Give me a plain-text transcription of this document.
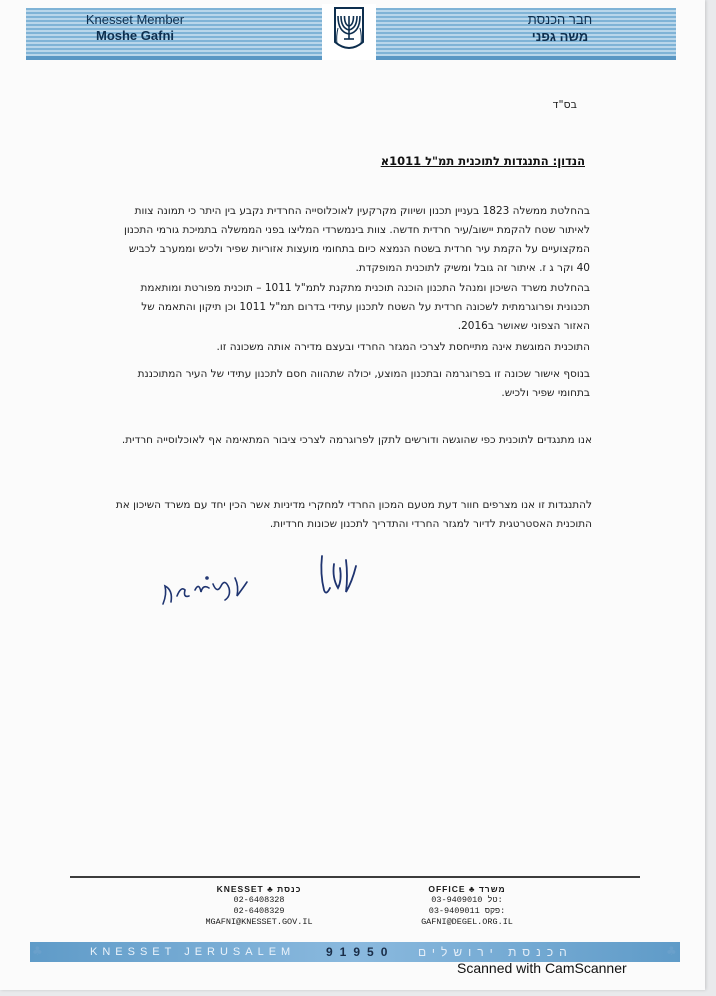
Knesset Member
Moshe Gafni
חבר הכנסת
משה גפני
בס"ד
הנדון: התנגדות לתוכנית תמ"ל 1011א
בהחלטת ממשלה 1823 בעניין תכנון ושיווק מקרקעין לאוכלוסייה החרדית נקבע בין היתר כי תמונה צוות לאיתור שטח להקמת יישוב/עיר חרדית חדשה. צוות בינמשרדי המליצו בפני הממשלה בתמיכת גורמי התכנון המקצועיים על הקמת עיר חרדית בשטח הנמצא כיום בתחומי מועצות אזוריות שפיר ולכיש וממערב לכביש 40 וקר ג ז. איתור זה גובל ומשיק לתוכנית המופקדת.
בהחלטת משרד השיכון ומנהל התכנון הוכנה תוכנית מתקנת לתמ"ל 1011 – תוכנית מפורטת ומותאמת תכנונית ופרוגרמתית לשכונה חרדית על השטח לתכנון עתידי בדרום תמ"ל 1011 וכן תיקון והתאמה של האזור הצפוני שאושר ב2016.
התוכנית המוגשת אינה מתייחסת לצרכי המגזר החרדי ובעצם מדירה אותה משכונה זו.
בנוסף אישור שכונה זו בפרוגרמה ובתכנון המוצע, יכולה שתהווה חסם לתכנון עתידי של העיר המתוכננת בתחומי שפיר ולכיש.
אנו מתנגדים לתוכנית כפי שהוגשה ודורשים לתקן לפרוגרמה לצרכי ציבור המתאימה אף לאוכלוסייה חרדית.
להתנגדות זו אנו מצרפים חוור דעת מטעם המכון החרדי למחקרי מדיניות אשר הכין יחד עם משרד השיכון את התוכנית האסטרטגית לדיור למגזר החרדי והתדריך לתכנון שכונות חרדיות.
KNESSET ♣ כנסת
02-6408328
02-6408329
MGAFNI@KNESSET.GOV.IL
OFFICE ♣ משרד
03-9409010 טל:
03-9409011 פקס:
GAFNI@DEGEL.ORG.IL
♣	KNESSET JERUSALEM	91950 הכנסת ירושלים	♣
Scanned with CamScanner
